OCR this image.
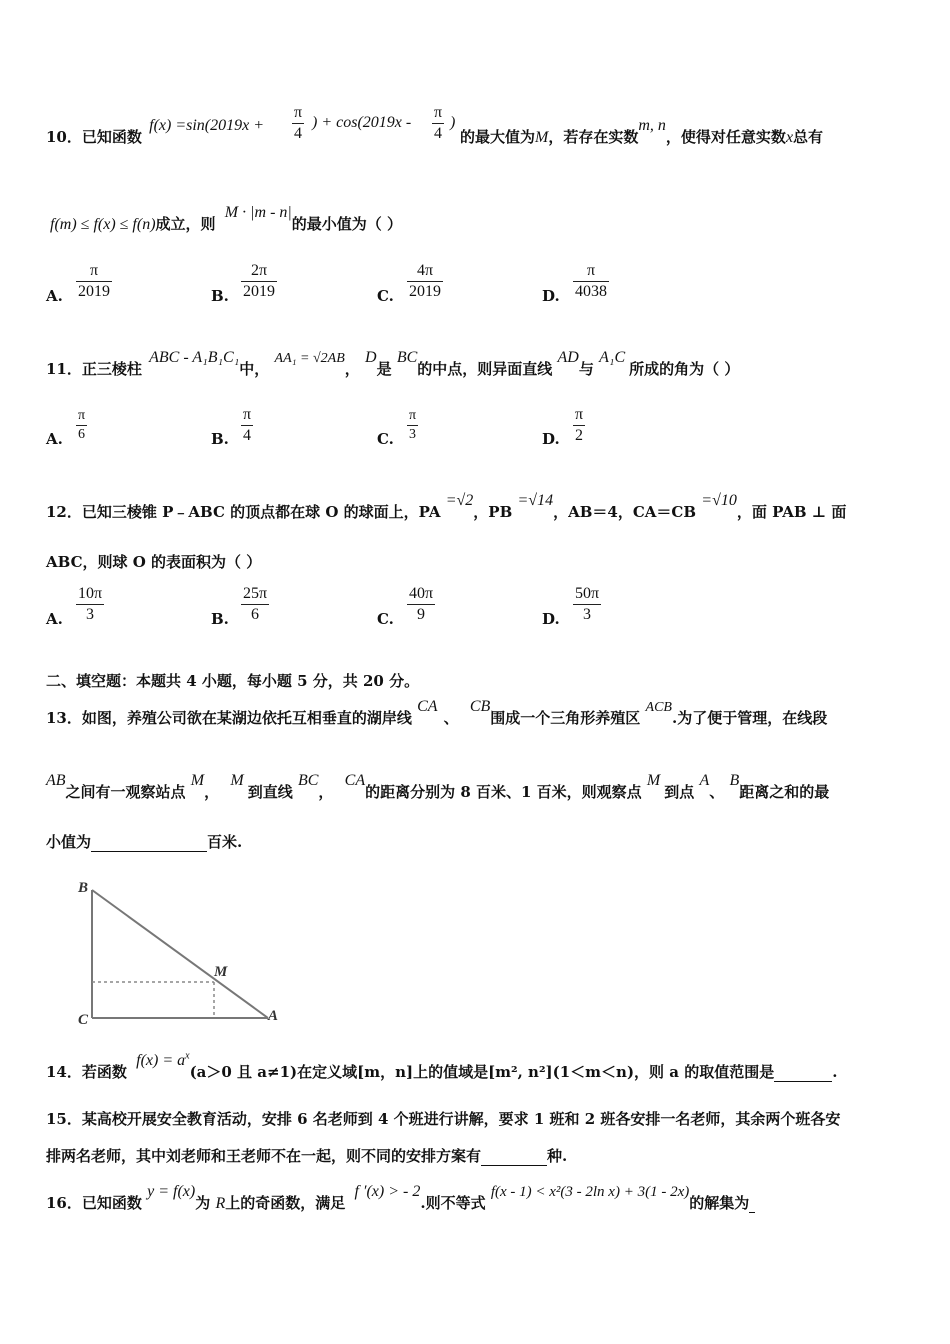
10．已知函数 f(x) =sin(2019x +
π
4
) + cos(2019x -
π
4
)
的最大值为M，若存在实数m, n，使得对任意实数x总有
f(m) ≤ f(x) ≤ f(n)成立，则 M · |m - n|的最小值为（ ）
A.
π
2019	B.
2π
2019	C.
4π
2019	D.
π
4038
11．正三棱柱 ABC - A₁B₁C₁中， AA₁ = √2AB， D是 BC的中点，则异面直线 AD与 A₁C所成的角为（ ）
A.
π
6	B.
π
4	C.
π
3	D.
π
2
12．已知三棱锥 P﹣ABC 的顶点都在球 O 的球面上，PA =√2，PB =√14，AB＝4，CA＝CB =√10，面 PAB ⊥ 面
ABC，则球 O 的表面积为（ ）
A.
10π
3	B.
25π
6	C.
40π
9	D.
50π
3
二、填空题：本题共 4 小题，每小题 5 分，共 20 分。
13．如图，养殖公司欲在某湖边依托互相垂直的湖岸线 CA、 CB围成一个三角形养殖区 ACB.为了便于管理，在线段
AB之间有一观察站点 M， M到直线 BC， CA的距离分别为 8 百米、1 百米，则观察点 M到点 A、 B距离之和的最
小值为	百米.
B
M
C	A
14．若函数 $f(x) = a^x(a>0$ 且 a≠1)在定义域[m，n]上的值域是[m², n²](1＜m＜n)，则 a 的取值范围是	.
15．某高校开展安全教育活动，安排 6 名老师到 4 个班进行讲解，要求 1 班和 2 班各安排一名老师，其余两个班各安
排两名老师，其中刘老师和王老师不在一起，则不同的安排方案有	种.
16．已知函数 y = f(x)为 R上的奇函数，满足 f ′(x) > - 2.则不等式 f(x - 1) < x²(3 - 2ln x) + 3(1 - 2x)的解集为
